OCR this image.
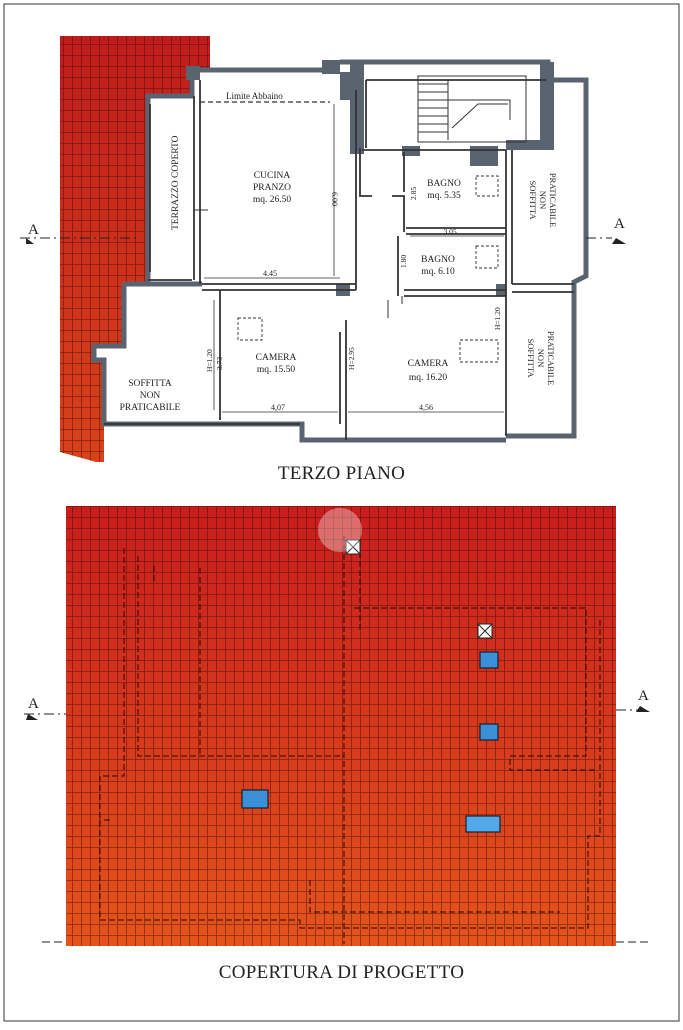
A	A
Limite Abbaino
TERRAZZO COPERTO	CUCINA
PRANZO
mq. 26.50
BAGNO
mq. 5.35
BAGNO
mq. 6.10
CAMERA
mq. 15.50
CAMERA
mq. 16.20
SOFFITTA
NON
PRATICABILE
SOFFITTA NON PRATICABILE
SOFFITTA NON PRATICABILE
4.45
6.00	2.85
3.05
1.80
4,07	4,56
H=1.20 3.73	H=2.95
H=1.20
A	A
TERZO PIANO
COPERTURA DI PROGETTO
